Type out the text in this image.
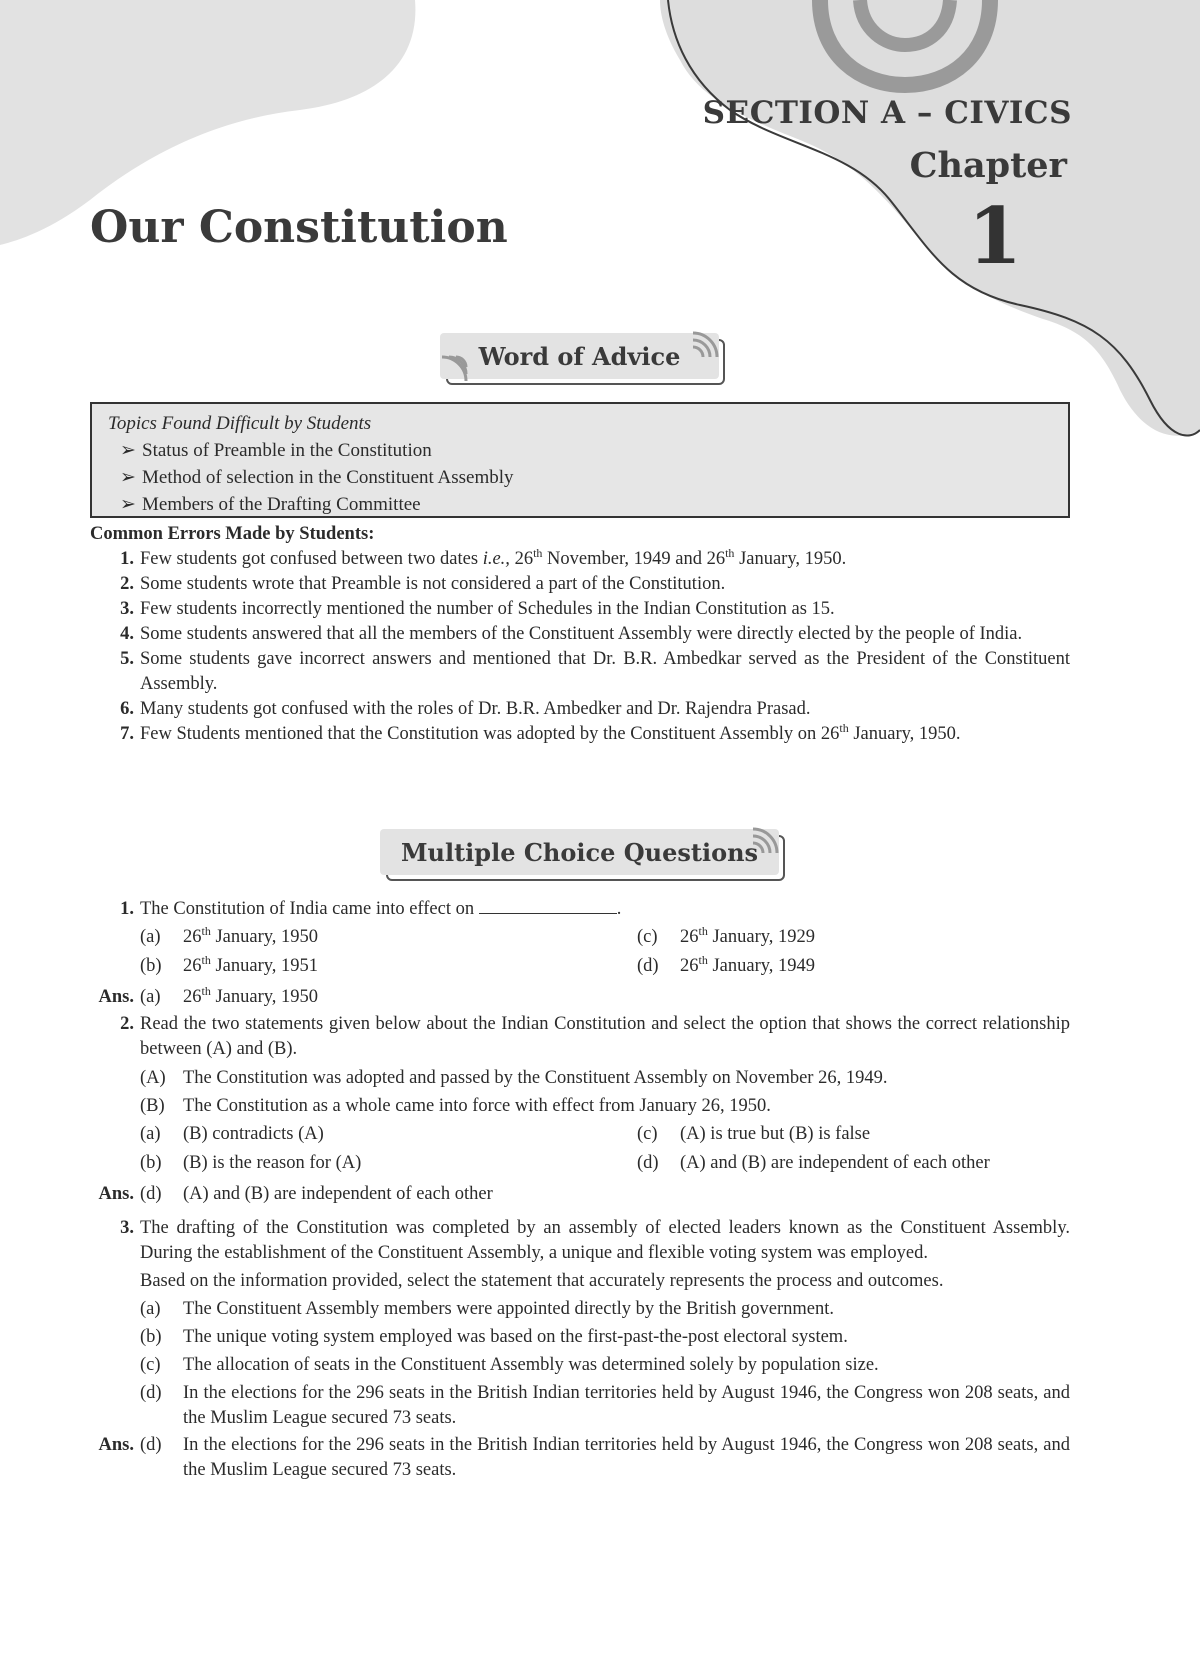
SECTION A – CIVICS
Chapter
1
Our Constitution
Word of Advice
Topics Found Difficult by Students
➢ Status of Preamble in the Constitution
➢ Method of selection in the Constituent Assembly
➢ Members of the Drafting Committee
Common Errors Made by Students:
1. Few students got confused between two dates i.e., 26th November, 1949 and 26th January, 1950.
2. Some students wrote that Preamble is not considered a part of the Constitution.
3. Few students incorrectly mentioned the number of Schedules in the Indian Constitution as 15.
4. Some students answered that all the members of the Constituent Assembly were directly elected by the people of India.
5. Some students gave incorrect answers and mentioned that Dr. B.R. Ambedkar served as the President of the Constituent Assembly.
6. Many students got confused with the roles of Dr. B.R. Ambedker and Dr. Rajendra Prasad.
7. Few Students mentioned that the Constitution was adopted by the Constituent Assembly on 26th January, 1950.
Multiple Choice Questions
1. The Constitution of India came into effect on	.
(a)	26th January, 1950	(c)	26th January, 1929
(b)	26th January, 1951	(d)	26th January, 1949
Ans. (a)	26th January, 1950
2. Read the two statements given below about the Indian Constitution and select the option that shows the correct relationship between (A) and (B).
(A) The Constitution was adopted and passed by the Constituent Assembly on November 26, 1949.
(B) The Constitution as a whole came into force with effect from January 26, 1950.
(a)	(B) contradicts (A)	(c)	(A) is true but (B) is false
(b)	(B) is the reason for (A)	(d)	(A) and (B) are independent of each other
Ans. (d)	(A) and (B) are independent of each other
3. The drafting of the Constitution was completed by an assembly of elected leaders known as the Constituent Assembly. During the establishment of the Constituent Assembly, a unique and flexible voting system was employed.
Based on the information provided, select the statement that accurately represents the process and outcomes.
(a)	The Constituent Assembly members were appointed directly by the British government.
(b)	The unique voting system employed was based on the first-past-the-post electoral system.
(c)	The allocation of seats in the Constituent Assembly was determined solely by population size.
(d)	In the elections for the 296 seats in the British Indian territories held by August 1946, the Congress won 208 seats, and the Muslim League secured 73 seats.
Ans. (d)	In the elections for the 296 seats in the British Indian territories held by August 1946, the Congress won 208 seats, and the Muslim League secured 73 seats.
